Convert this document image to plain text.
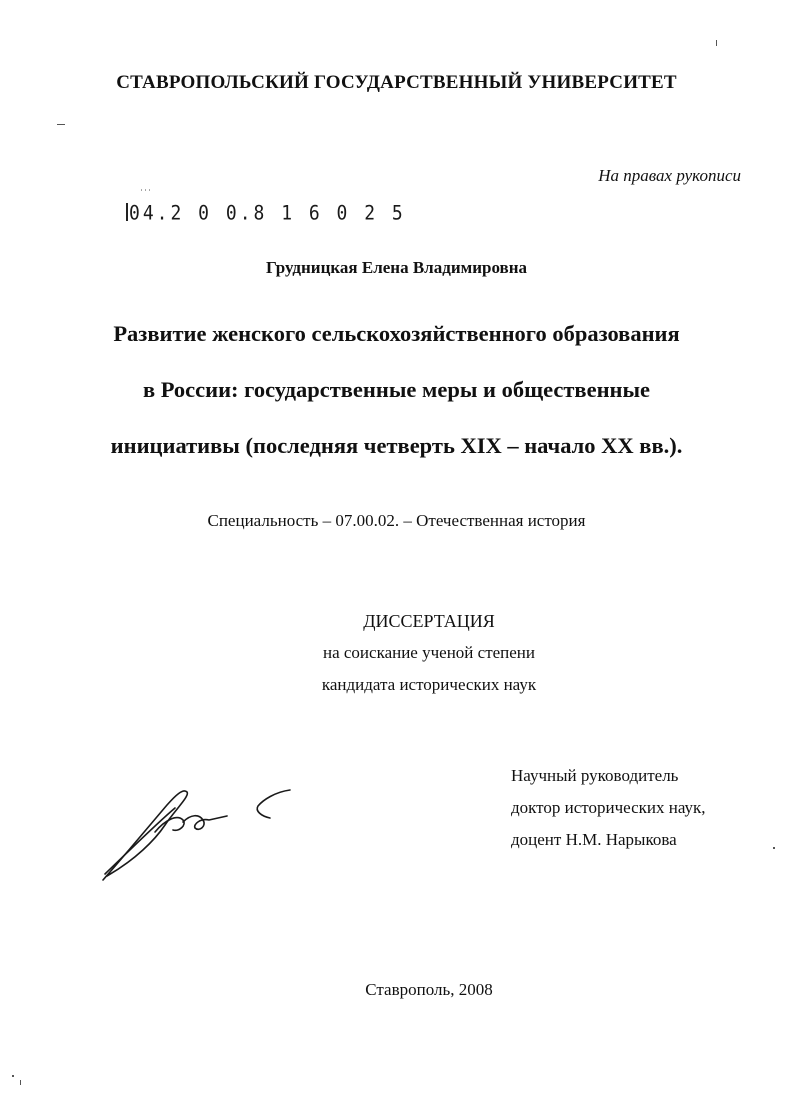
СТАВРОПОЛЬСКИЙ ГОСУДАРСТВЕННЫЙ УНИВЕРСИТЕТ
На правах рукописи
˙˙˙
04.2 0 0.8 1 6 0 2 5
Грудницкая Елена Владимировна
Развитие женского сельскохозяйственного образования
в России: государственные меры и общественные
инициативы (последняя четверть XIX – начало XX вв.).
Специальность – 07.00.02. – Отечественная история
ДИССЕРТАЦИЯ
на соискание ученой степени
кандидата исторических наук
Научный руководитель
доктор исторических наук,
доцент Н.М. Нарыкова
Ставрополь, 2008
